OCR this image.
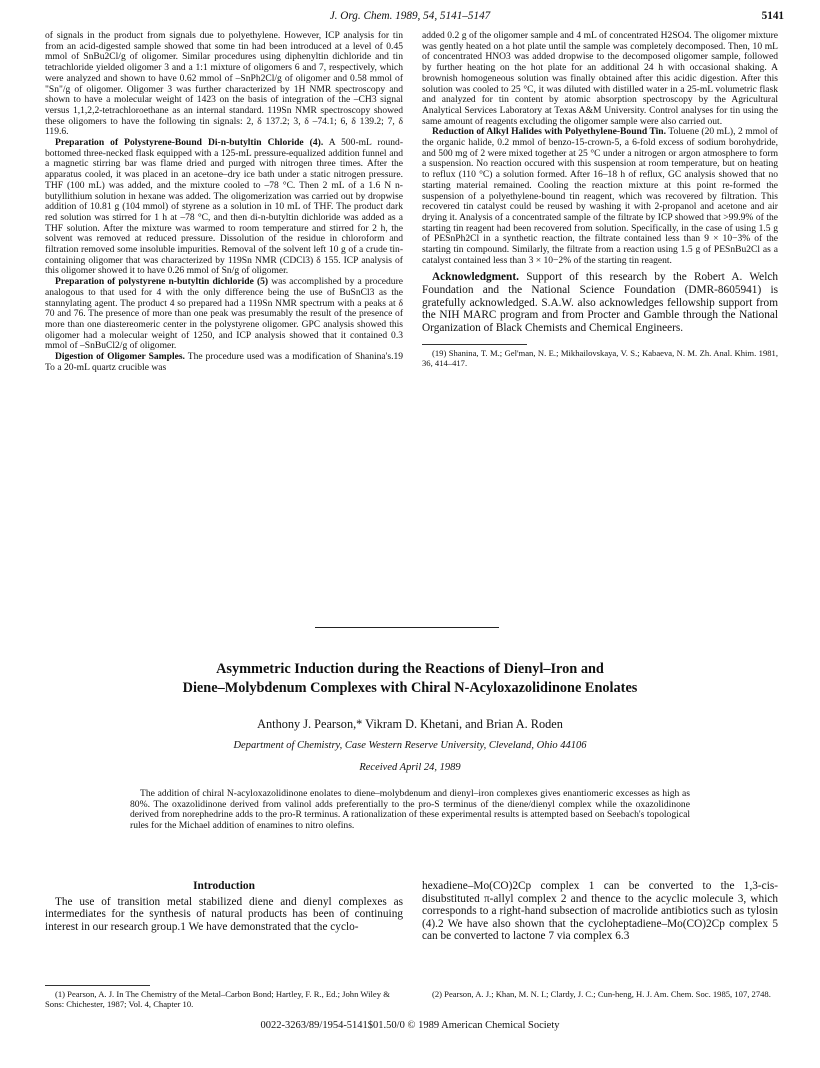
J. Org. Chem. 1989, 54, 5141–5147	5141

of signals in the product from signals due to polyethylene. However, ICP analysis for tin from an acid-digested sample showed that some tin had been introduced at a level of 0.45 mmol of SnBu2Cl/g of oligomer. Similar procedures using diphenyltin dichloride and tin tetrachloride yielded oligomer 3 and a 1:1 mixture of oligomers 6 and 7, respectively, which were analyzed and shown to have 0.62 mmol of –SnPh2Cl/g of oligomer and 0.58 mmol of "Sn"/g of oligomer. Oligomer 3 was further characterized by 1H NMR spectroscopy and shown to have a molecular weight of 1423 on the basis of integration of the –CH3 signal versus 1,1,2,2-tetrachloroethane as an internal standard. 119Sn NMR spectroscopy showed these oligomers to have the following tin signals: 2, δ 137.2; 3, δ –74.1; 6, δ 139.2; 7, δ 119.6.

Preparation of Polystyrene-Bound Di-n-butyltin Chloride (4). A 500-mL round-bottomed three-necked flask equipped with a 125-mL pressure-equalized addition funnel and a magnetic stirring bar was flame dried and purged with nitrogen three times. After the apparatus cooled, it was placed in an acetone–dry ice bath under a static nitrogen pressure. THF (100 mL) was added, and the mixture cooled to –78 °C. Then 2 mL of a 1.6 N n-butyllithium solution in hexane was added. The oligomerization was carried out by dropwise addition of 10.81 g (104 mmol) of styrene as a solution in 10 mL of THF. The product dark red solution was stirred for 1 h at –78 °C, and then di-n-butyltin dichloride was added as a THF solution. After the mixture was warmed to room temperature and stirred for 2 h, the solvent was removed at reduced pressure. Dissolution of the residue in chloroform and filtration removed some insoluble impurities. Removal of the solvent left 10 g of a crude tin-containing oligomer that was characterized by 119Sn NMR (CDCl3) δ 155. ICP analysis of this oligomer showed it to have 0.26 mmol of Sn/g of oligomer.

Preparation of polystyrene n-butyltin dichloride (5) was accomplished by a procedure analogous to that used for 4 with the only difference being the use of BuSnCl3 as the stannylating agent. The product 4 so prepared had a 119Sn NMR spectrum with a peaks at δ 70 and 76. The presence of more than one peak was presumably the result of the presence of more than one diastereomeric center in the polystyrene oligomer. GPC analysis showed this oligomer had a molecular weight of 1250, and ICP analysis showed that it contained 0.3 mmol of –SnBuCl2/g of oligomer.

Digestion of Oligomer Samples. The procedure used was a modification of Shanina's.19 To a 20-mL quartz crucible was

added 0.2 g of the oligomer sample and 4 mL of concentrated H2SO4. The oligomer mixture was gently heated on a hot plate until the sample was completely decomposed. Then, 10 mL of concentrated HNO3 was added dropwise to the decomposed oligomer sample, followed by further heating on the hot plate for an additional 24 h with occasional shaking. A brownish homogeneous solution was finally obtained after this acidic digestion. After this solution was cooled to 25 °C, it was diluted with distilled water in a 25-mL volumetric flask and analyzed for tin content by atomic absorption spectroscopy by the Agricultural Analytical Services Laboratory at Texas A&M University. Control analyses for tin using the same amount of reagents excluding the oligomer sample were also carried out.

Reduction of Alkyl Halides with Polyethylene-Bound Tin. Toluene (20 mL), 2 mmol of the organic halide, 0.2 mmol of benzo-15-crown-5, a 6-fold excess of sodium borohydride, and 500 mg of 2 were mixed together at 25 °C under a nitrogen or argon atmosphere to form a suspension. No reaction occured with this suspension at room temperature, but on heating to reflux (110 °C) a solution formed. After 16–18 h of reflux, GC analysis showed that no starting material remained. Cooling the reaction mixture at this point re-formed the suspension of a polyethylene-bound tin reagent, which was recovered by filtration. This recovered tin catalyst could be reused by washing it with 2-propanol and acetone and air drying it. Analysis of a concentrated sample of the filtrate by ICP showed that >99.9% of the starting tin reagent had been recovered from solution. Specifically, in the case of using 1.5 g of PESnPh2Cl in a synthetic reaction, the filtrate contained less than 9 × 10−3% of the starting tin compound. Similarly, the filtrate from a reaction using 1.5 g of PESnBu2Cl as a catalyst contained less than 3 × 10−2% of the starting tin reagent.

Acknowledgment. Support of this research by the Robert A. Welch Foundation and the National Science Foundation (DMR-8605941) is gratefully acknowledged. S.A.W. also acknowledges fellowship support from the NIH MARC program and from Procter and Gamble through the National Organization of Black Chemists and Chemical Engineers.

(19) Shanina, T. M.; Gel'man, N. E.; Mikhailovskaya, V. S.; Kabaeva, N. M. Zh. Anal. Khim. 1981, 36, 414–417.

Asymmetric Induction during the Reactions of Dienyl–Iron and
Diene–Molybdenum Complexes with Chiral N-Acyloxazolidinone Enolates
Anthony J. Pearson,* Vikram D. Khetani, and Brian A. Roden
Department of Chemistry, Case Western Reserve University, Cleveland, Ohio 44106
Received April 24, 1989

The addition of chiral N-acyloxazolidinone enolates to diene–molybdenum and dienyl–iron complexes gives enantiomeric excesses as high as 80%. The oxazolidinone derived from valinol adds preferentially to the pro-S terminus of the diene/dienyl complex while the oxazolidinone derived from norephedrine adds to the pro-R terminus. A rationalization of these experimental results is attempted based on Seebach's topological rules for the Michael addition of enamines to nitro olefins.

Introduction

The use of transition metal stabilized diene and dienyl complexes as intermediates for the synthesis of natural products has been of continuing interest in our research group.1 We have demonstrated that the cyclo-

hexadiene–Mo(CO)2Cp complex 1 can be converted to the 1,3-cis-disubstituted π-allyl complex 2 and thence to the acyclic molecule 3, which corresponds to a right-hand subsection of macrolide antibiotics such as tylosin (4).2 We have also shown that the cycloheptadiene–Mo(CO)2Cp complex 5 can be converted to lactone 7 via complex 6.3

(1) Pearson, A. J. In The Chemistry of the Metal–Carbon Bond; Hartley, F. R., Ed.; John Wiley & Sons: Chichester, 1987; Vol. 4, Chapter 10.

(2) Pearson, A. J.; Khan, M. N. I.; Clardy, J. C.; Cun-heng, H. J. Am. Chem. Soc. 1985, 107, 2748.

0022-3263/89/1954-5141$01.50/0 © 1989 American Chemical Society
